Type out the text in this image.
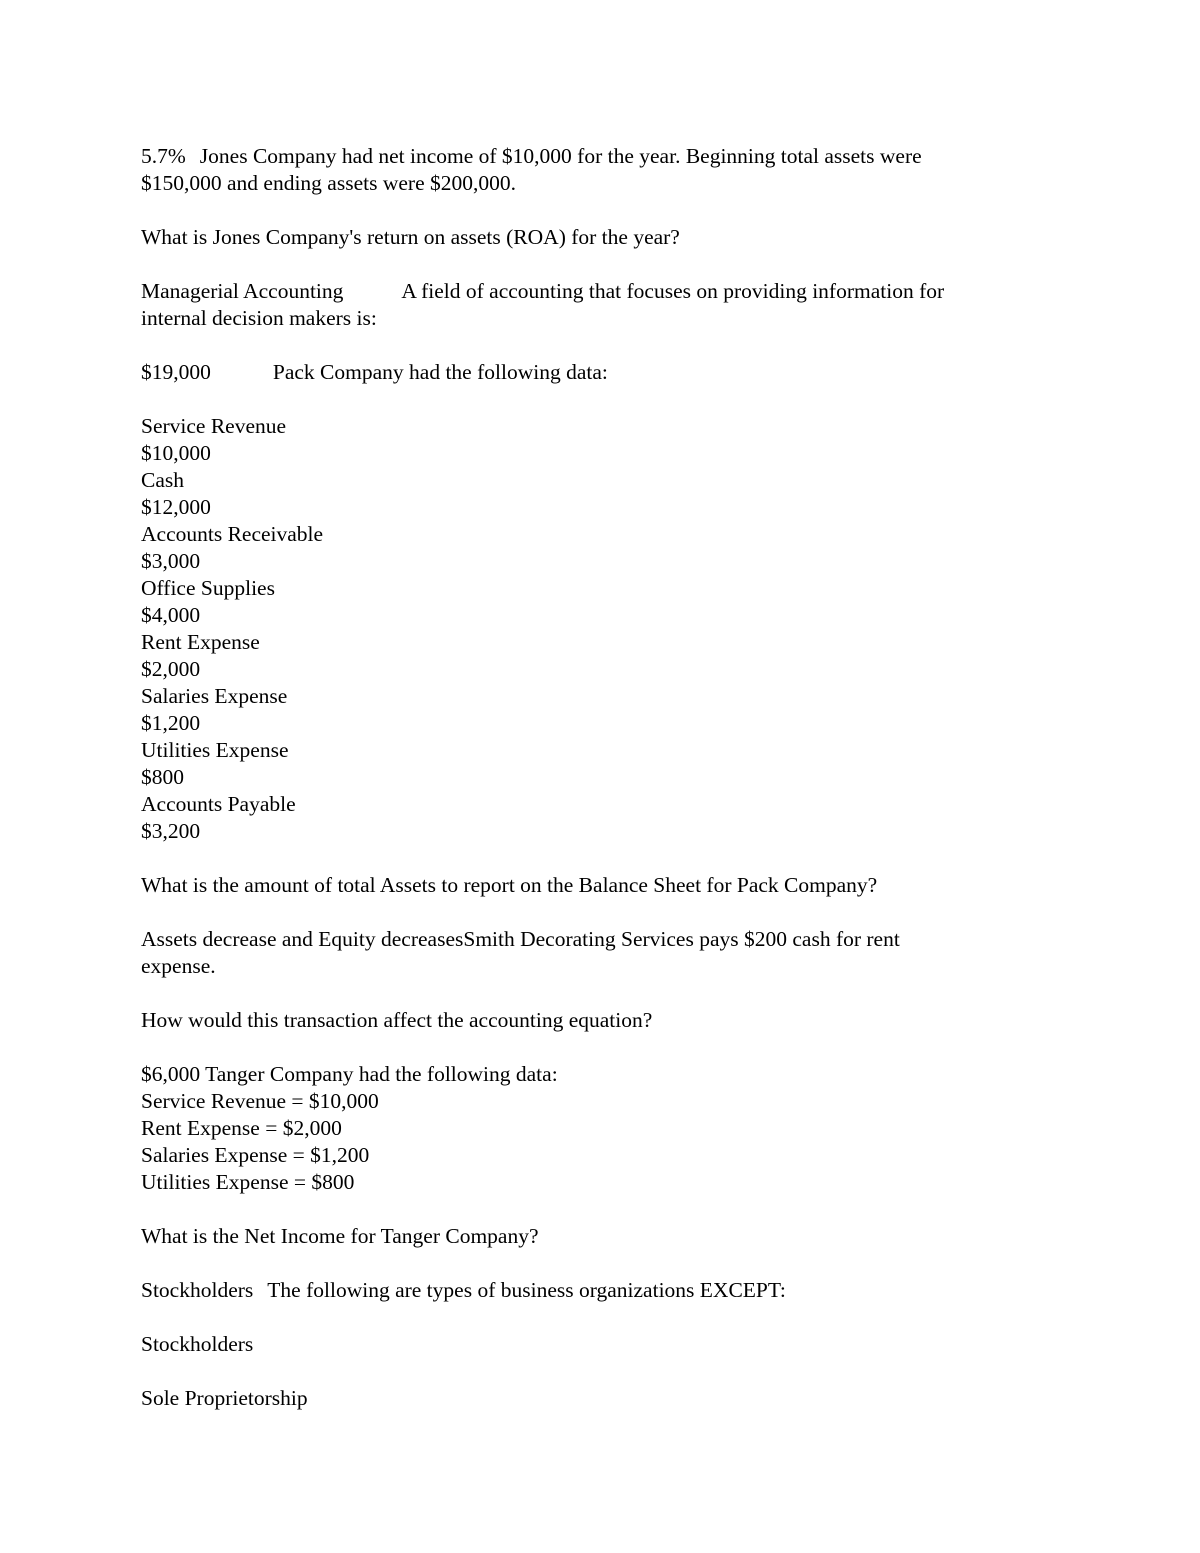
5.7% Jones Company had net income of $10,000 for the year. Beginning total assets were
$150,000 and ending assets were $200,000.

What is Jones Company's return on assets (ROA) for the year?

Managerial Accounting	A field of accounting that focuses on providing information for
internal decision makers is:

$19,000	Pack Company had the following data:

Service Revenue
$10,000
Cash
$12,000
Accounts Receivable
$3,000
Office Supplies
$4,000
Rent Expense
$2,000
Salaries Expense
$1,200
Utilities Expense
$800
Accounts Payable
$3,200

What is the amount of total Assets to report on the Balance Sheet for Pack Company?

Assets decrease and Equity decreasesSmith Decorating Services pays $200 cash for rent
expense.

How would this transaction affect the accounting equation?

$6,000 Tanger Company had the following data:
Service Revenue = $10,000
Rent Expense = $2,000
Salaries Expense = $1,200
Utilities Expense = $800

What is the Net Income for Tanger Company?

Stockholders The following are types of business organizations EXCEPT:

Stockholders

Sole Proprietorship
